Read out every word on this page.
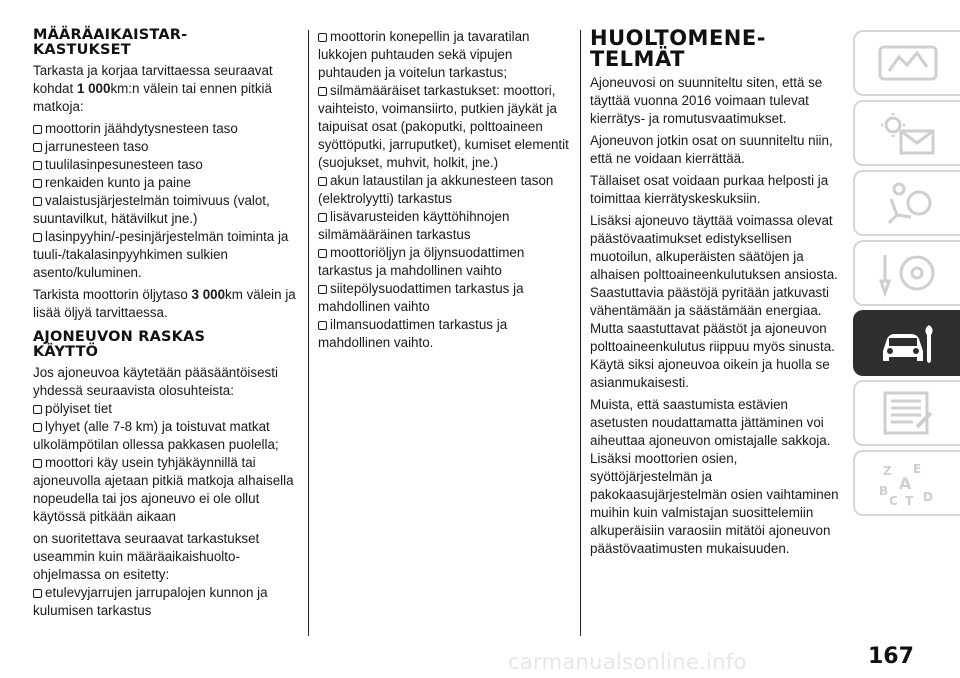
MÄÄRÄAIKAISTAR-
KASTUKSET

Tarkasta ja korjaa tarvittaessa seuraavat kohdat 1 000km:n välein tai ennen pitkiä matkoja:

moottorin jäähdytysnesteen taso
jarrunesteen taso
tuulilasinpesunesteen taso
renkaiden kunto ja paine
valaistusjärjestelmän toimivuus (valot, suuntavilkut, hätävilkut jne.)
lasinpyyhin/-pesinjärjestelmän toiminta ja tuuli-/takalasinpyyhkimen sulkien asento/kuluminen.

Tarkista moottorin öljytaso 3 000km välein ja lisää öljyä tarvittaessa.

AJONEUVON RASKAS
KÄYTTÖ

Jos ajoneuvoa käytetään pääsääntöisesti yhdessä seuraavista olosuhteista:

pölyiset tiet
lyhyet (alle 7-8 km) ja toistuvat matkat ulkolämpötilan ollessa pakkasen puolella;
moottori käy usein tyhjäkäynnillä tai ajoneuvolla ajetaan pitkiä matkoja alhaisella nopeudella tai jos ajoneuvo ei ole ollut käytössä pitkään aikaan

on suoritettava seuraavat tarkastukset useammin kuin määräaikaishuolto-ohjelmassa on esitetty:

etulevyjarrujen jarrupalojen kunnon ja kulumisen tarkastus
moottorin konepellin ja tavaratilan lukkojen puhtauden sekä vipujen puhtauden ja voitelun tarkastus;
silmämääräiset tarkastukset: moottori, vaihteisto, voimansiirto, putkien jäykät ja taipuisat osat (pakoputki, polttoaineen syöttöputki, jarruputket), kumiset elementit (suojukset, muhvit, holkit, jne.)
akun lataustilan ja akkunesteen tason (elektrolyytti) tarkastus
lisävarusteiden käyttöhihnojen silmämääräinen tarkastus
moottoriöljyn ja öljynsuodattimen tarkastus ja mahdollinen vaihto
siitepölysuodattimen tarkastus ja mahdollinen vaihto
ilmansuodattimen tarkastus ja mahdollinen vaihto.
HUOLTOMENE-
TELMÄT

Ajoneuvosi on suunniteltu siten, että se täyttää vuonna 2016 voimaan tulevat kierrätys- ja romutusvaatimukset.

Ajoneuvon jotkin osat on suunniteltu niin, että ne voidaan kierrättää.

Tällaiset osat voidaan purkaa helposti ja toimittaa kierrätyskeskuksiin.

Lisäksi ajoneuvo täyttää voimassa olevat päästövaatimukset edistyksellisen muotoilun, alkuperäisten säätöjen ja alhaisen polttoaineenkulutuksen ansiosta. Saastuttavia päästöjä pyritään jatkuvasti vähentämään ja säästämään energiaa. Mutta saastuttavat päästöt ja ajoneuvon polttoaineenkulutus riippuu myös sinusta. Käytä siksi ajoneuvoa oikein ja huolla se asianmukaisesti.

Muista, että saastumista estävien asetusten noudattamatta jättäminen voi aiheuttaa ajoneuvon omistajalle sakkoja. Lisäksi moottorien osien, syöttöjärjestelmän ja pakokaasujärjestelmän osien vaihtaminen muihin kuin valmistajan suosittelemiin alkuperäisiin varaosiin mitätöi ajoneuvon päästövaatimusten mukaisuuden.

Z E
A
B
C T D
carmanualsonline.info	167
